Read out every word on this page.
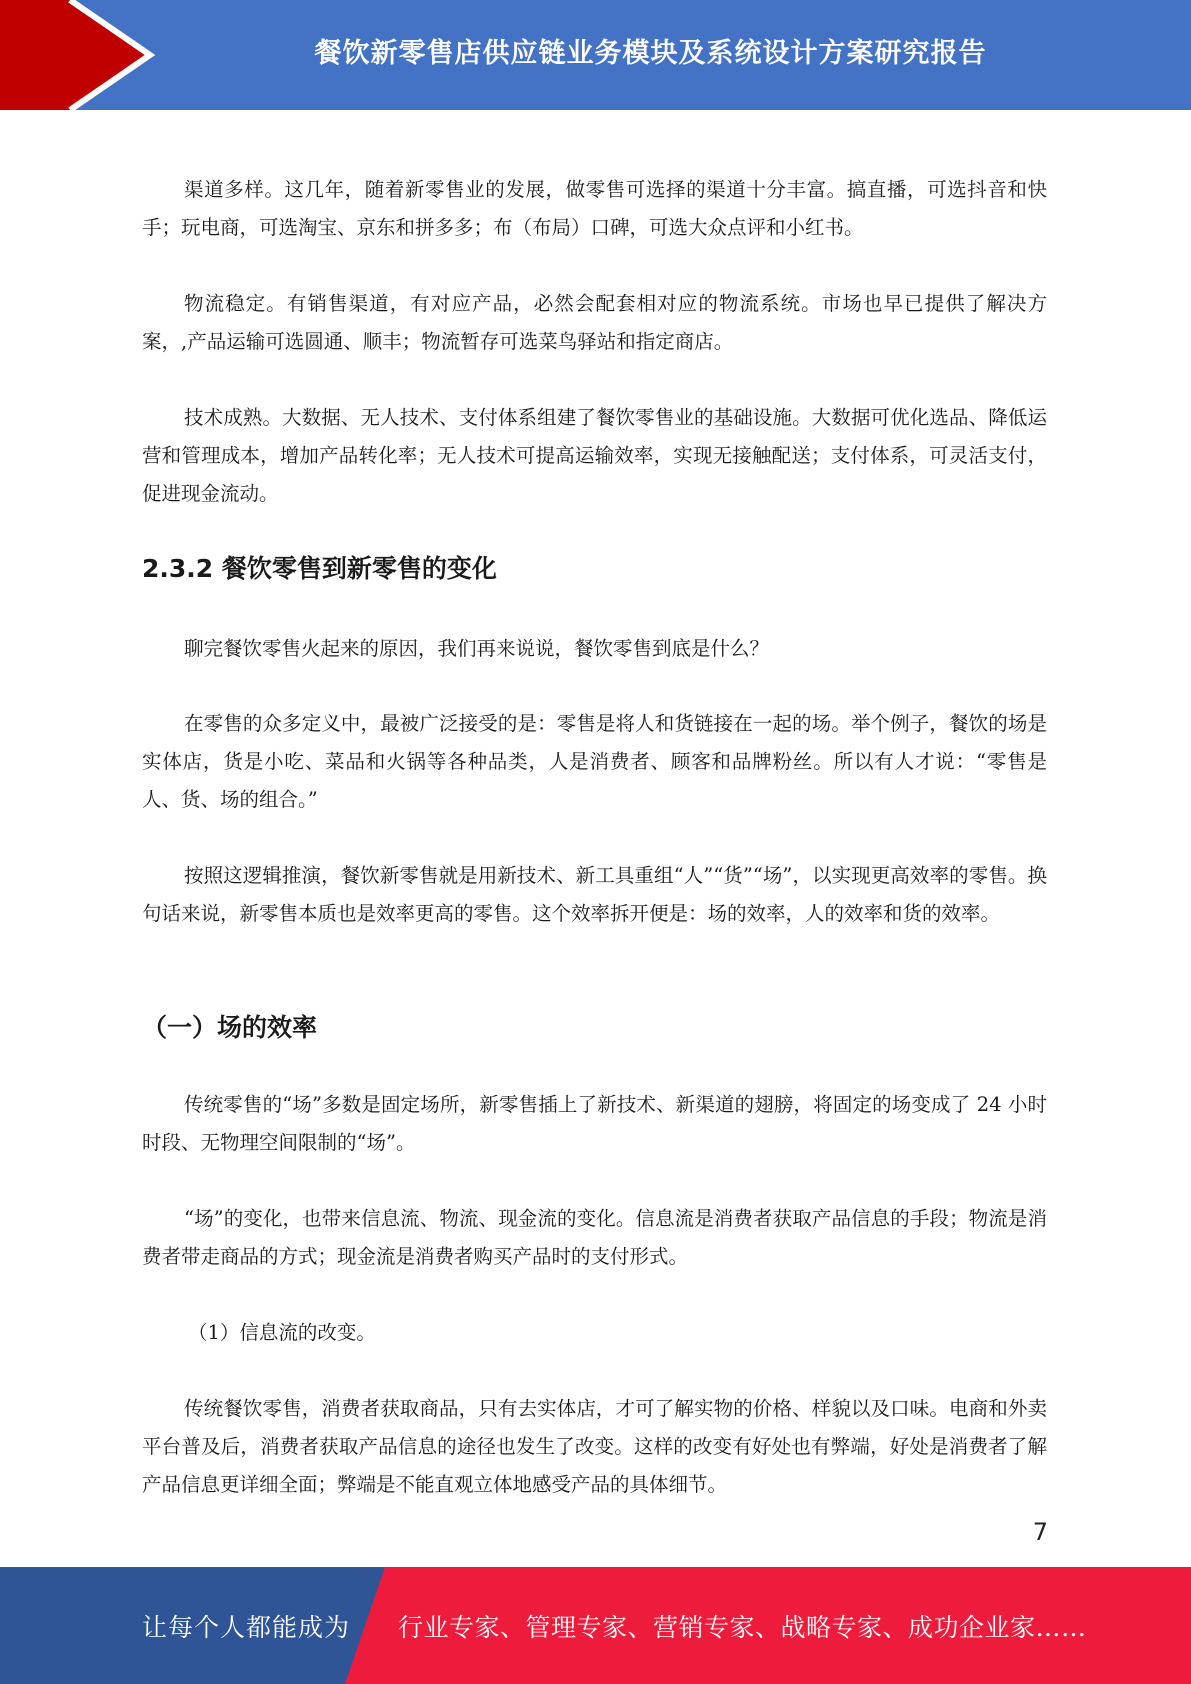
餐饮新零售店供应链业务模块及系统设计方案研究报告

渠道多样。这几年，随着新零售业的发展，做零售可选择的渠道十分丰富。搞直播，可选抖音和快手；玩电商，可选淘宝、京东和拼多多；布（布局）口碑，可选大众点评和小红书。

物流稳定。有销售渠道，有对应产品，必然会配套相对应的物流系统。市场也早已提供了解决方案，,产品运输可选圆通、顺丰；物流暂存可选菜鸟驿站和指定商店。

技术成熟。大数据、无人技术、支付体系组建了餐饮零售业的基础设施。大数据可优化选品、降低运营和管理成本，增加产品转化率；无人技术可提高运输效率，实现无接触配送；支付体系，可灵活支付，促进现金流动。

2.3.2 餐饮零售到新零售的变化

聊完餐饮零售火起来的原因，我们再来说说，餐饮零售到底是什么？

在零售的众多定义中，最被广泛接受的是：零售是将人和货链接在一起的场。举个例子，餐饮的场是实体店，货是小吃、菜品和火锅等各种品类，人是消费者、顾客和品牌粉丝。所以有人才说：“零售是人、货、场的组合。”

按照这逻辑推演，餐饮新零售就是用新技术、新工具重组“人”“货”“场”，以实现更高效率的零售。换句话来说，新零售本质也是效率更高的零售。这个效率拆开便是：场的效率，人的效率和货的效率。

（一）场的效率

传统零售的“场”多数是固定场所，新零售插上了新技术、新渠道的翅膀，将固定的场变成了 24 小时时段、无物理空间限制的“场”。

“场”的变化，也带来信息流、物流、现金流的变化。信息流是消费者获取产品信息的手段；物流是消费者带走商品的方式；现金流是消费者购买产品时的支付形式。

（1）信息流的改变。

传统餐饮零售，消费者获取商品，只有去实体店，才可了解实物的价格、样貌以及口味。电商和外卖平台普及后，消费者获取产品信息的途径也发生了改变。这样的改变有好处也有弊端，好处是消费者了解产品信息更详细全面；弊端是不能直观立体地感受产品的具体细节。

7
让每个人都能成为 行业专家、管理专家、营销专家、战略专家、成功企业家……
